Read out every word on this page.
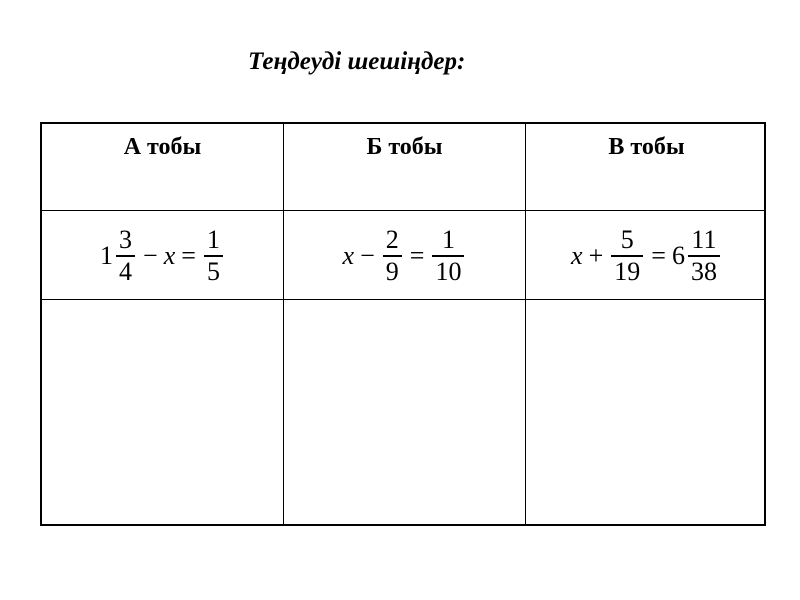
Теңдеуді шешіңдер:
А тобы	Б тобы	В тобы
$1 \frac{3}{4} - x = \frac{1}{5}$	$x - \frac{2}{9} = \frac{1}{10}$	$x + \frac{5}{19} = 6 \frac{11}{38}$
